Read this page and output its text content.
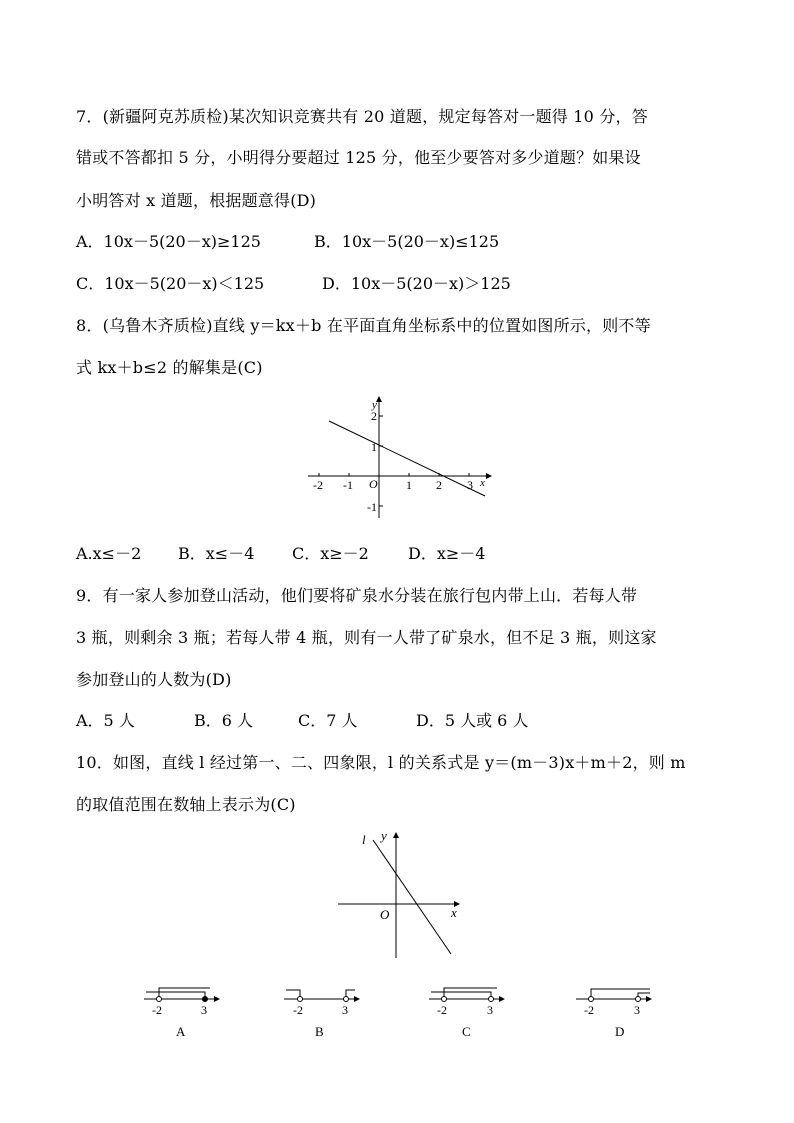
7．(新疆阿克苏质检)某次知识竞赛共有 20 道题，规定每答对一题得 10 分，答
错或不答都扣 5 分，小明得分要超过 125 分，他至少要答对多少道题？如果设
小明答对 x 道题，根据题意得(D)
A．10x－5(20－x)≥125	B．10x－5(20－x)≤125
C．10x－5(20－x)＜125	D．10x－5(20－x)＞125
8．(乌鲁木齐质检)直线 y＝kx＋b 在平面直角坐标系中的位置如图所示，则不等
式 kx＋b≤2 的解集是(C)
y
x
O
-2 -1	1 2 3
2
1
-1
A.x≤－2 B．x≤－4 C．x≥－2 D．x≥－4
9．有一家人参加登山活动，他们要将矿泉水分装在旅行包内带上山．若每人带
3 瓶，则剩余 3 瓶；若每人带 4 瓶，则有一人带了矿泉水，但不足 3 瓶，则这家
参加登山的人数为(D)
A．5 人	B．6 人	C．7 人	D．5 人或 6 人
10．如图，直线 l 经过第一、二、四象限，l 的关系式是 y＝(m－3)x＋m＋2，则 m
的取值范围在数轴上表示为(C)
l y
x
O
-2	3
A
-2	3
B
-2	3
C
-2	3
D
